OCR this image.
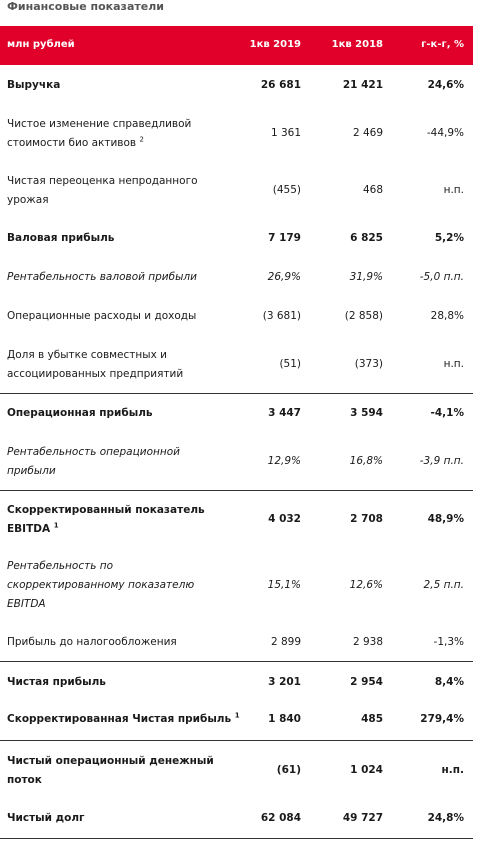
Финансовые показатели
млн рублей	1кв 2019	1кв 2018	г-к-г, %
Выручка	26 681	21 421	24,6%
Чистое изменение справедливой
стоимости био активов $^2$
1 361	2 469	-44,9%
Чистая переоценка непроданного
урожая
(455)	468	н.п.
Валовая прибыль	7 179	6 825	5,2%
Рентабельность валовой прибыли	26,9%	31,9%	-5,0 п.п.
Операционные расходы и доходы	(3 681)	(2 858)	28,8%
Доля в убытке совместных и
ассоциированных предприятий
(51)	(373)	н.п.
Операционная прибыль	3 447	3 594	-4,1%
Рентабельность операционной
прибыли
12,9%	16,8%	-3,9 п.п.
Скорректированный показатель
EBITDA $^1$
4 032	2 708	48,9%
Рентабельность по
скорректированному показателю
EBITDA
15,1%	12,6%	2,5 п.п.
Прибыль до налогообложения	2 899	2 938	-1,3%
Чистая прибыль	3 201	2 954	8,4%
Скорректированная Чистая прибыль $^1$	1 840	485	279,4%
Чистый операционный денежный
поток
(61)	1 024	н.п.
Чистый долг	62 084	49 727	24,8%
